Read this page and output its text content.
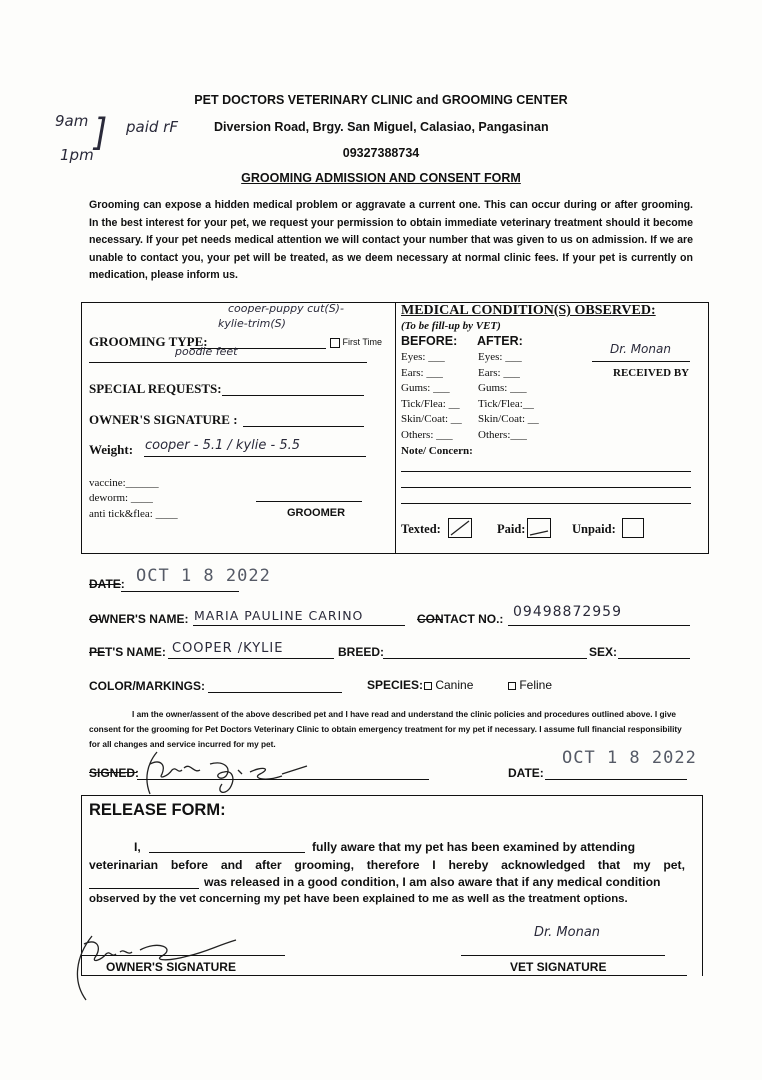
9am
1pm ] paid rF
PET DOCTORS VETERINARY CLINIC and GROOMING CENTER
Diversion Road, Brgy. San Miguel, Calasiao, Pangasinan
09327388734
GROOMING ADMISSION AND CONSENT FORM
Grooming can expose a hidden medical problem or aggravate a current one. This can occur during or after grooming. In the best interest for your pet, we request your permission to obtain immediate veterinary treatment should it become necessary. If your pet needs medical attention we will contact your number that was given to us on admission. If we are unable to contact you, your pet will be treated, as we deem necessary at normal clinic fees. If your pet is currently on medication, please inform us.
cooper-puppy cut(S)-
kylie-trim(S)
GROOMING TYPE:	First Time
poodle feet
SPECIAL REQUESTS:
OWNER'S SIGNATURE :
Weight: cooper - 5.1 / kylie - 5.5
vaccine:______
deworm: ____
anti tick&flea: ____	GROOMER
MEDICAL CONDITION(S) OBSERVED:
(To be fill-up by VET)
BEFORE: AFTER:
Eyes: ___	Eyes: ___
Ears: ___	Ears: ___
Gums: ___	Gums: ___
Tick/Flea: __ Tick/Flea:__
Skin/Coat: __ Skin/Coat: __
Others: ___ Others:___
Note/ Concern:
Dr. Monan
RECEIVED BY
Texted:	Paid:	Unpaid:
DATE: OCT 1 8 2022
OWNER'S NAME: MARIA PAULINE CARINO	CONTACT NO.: 09498872959
PET'S NAME: COOPER /KYLIE	BREED:	SEX:
COLOR/MARKINGS:	SPECIES:	Canine	Feline
I am the owner/assent of the above described pet and I have read and understand the clinic policies and procedures outlined above. I give consent for the grooming for Pet Doctors Veterinary Clinic to obtain emergency treatment for my pet if necessary. I assume full financial responsibility for all changes and service incurred for my pet.
SIGNED:	DATE:
OCT 1 8 2022
RELEASE FORM:
I,	fully aware that my pet has been examined by attending
veterinarian before and after grooming, therefore I hereby acknowledged that my pet,
was released in a good condition, I am also aware that if any medical condition
observed by the vet concerning my pet have been explained to me as well as the treatment options.
OWNER'S SIGNATURE
Dr. Monan
VET SIGNATURE
